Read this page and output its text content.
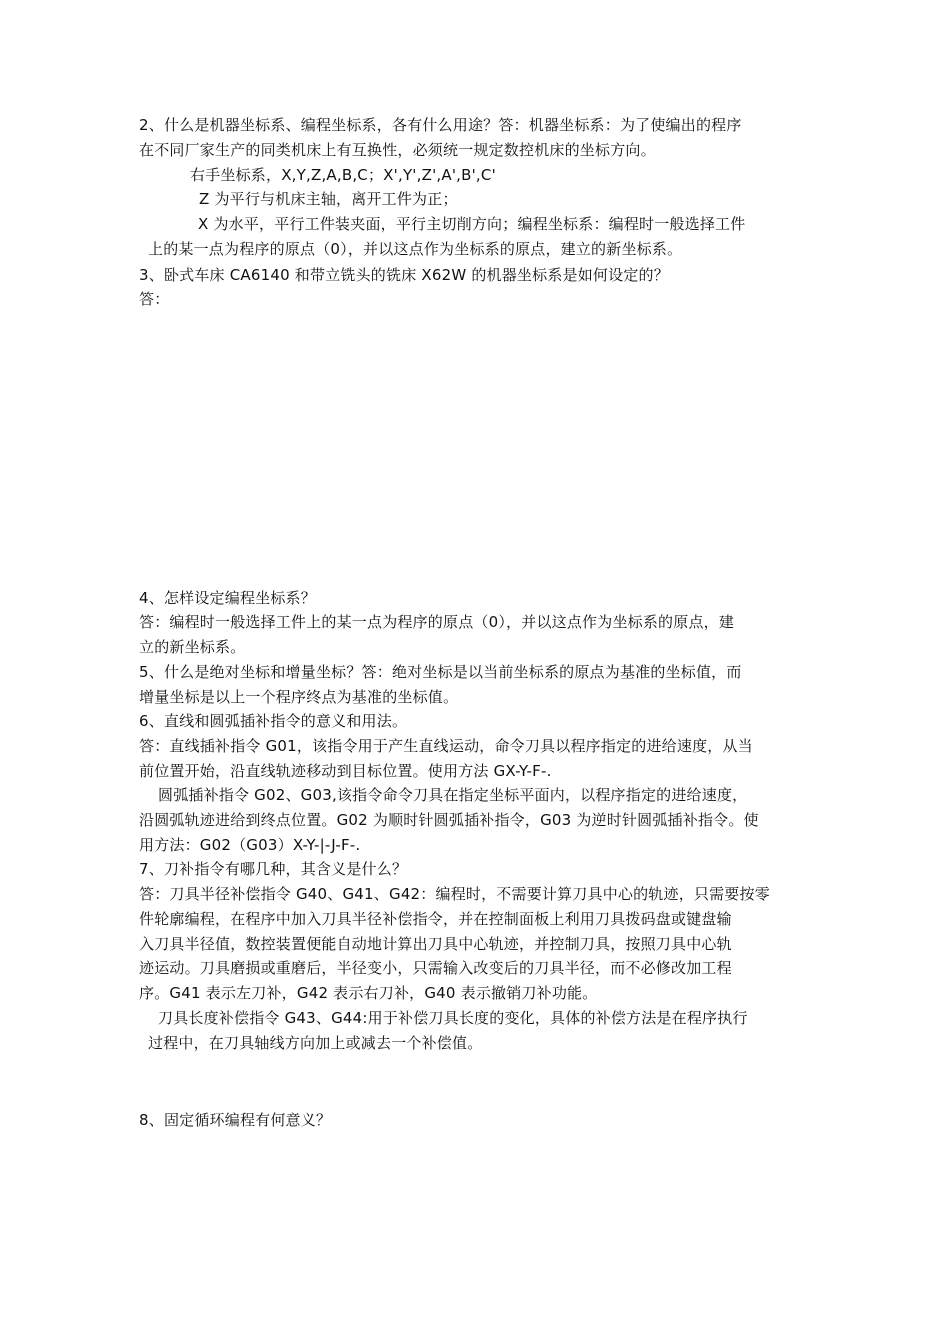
2、什么是机器坐标系、编程坐标系，各有什么用途？答：机器坐标系：为了使编出的程序
在不同厂家生产的同类机床上有互换性，必须统一规定数控机床的坐标方向。
右手坐标系，X,Y,Z,A,B,C；X',Y',Z',A',B',C'
Z 为平行与机床主轴，离开工件为正；
X 为水平，平行工件装夹面，平行主切削方向；编程坐标系：编程时一般选择工件
上的某一点为程序的原点（0），并以这点作为坐标系的原点，建立的新坐标系。
3、卧式车床 CA6140 和带立铣头的铣床 X62W 的机器坐标系是如何设定的？
答：
4、怎样设定编程坐标系？
答：编程时一般选择工件上的某一点为程序的原点（0），并以这点作为坐标系的原点，建
立的新坐标系。
5、什么是绝对坐标和增量坐标？答：绝对坐标是以当前坐标系的原点为基准的坐标值，而
增量坐标是以上一个程序终点为基准的坐标值。
6、直线和圆弧插补指令的意义和用法。
答：直线插补指令 G01，该指令用于产生直线运动，命令刀具以程序指定的进给速度，从当
前位置开始，沿直线轨迹移动到目标位置。使用方法 GX-Y-F-.
圆弧插补指令 G02、G03,该指令命令刀具在指定坐标平面内，以程序指定的进给速度，
沿圆弧轨迹进给到终点位置。G02 为顺时针圆弧插补指令，G03 为逆时针圆弧插补指令。使
用方法：G02（G03）X-Y-|-J-F-.
7、刀补指令有哪几种，其含义是什么？
答：刀具半径补偿指令 G40、G41、G42：编程时，不需要计算刀具中心的轨迹，只需要按零
件轮廓编程，在程序中加入刀具半径补偿指令，并在控制面板上利用刀具拨码盘或键盘输
入刀具半径值，数控装置便能自动地计算出刀具中心轨迹，并控制刀具，按照刀具中心轨
迹运动。刀具磨损或重磨后，半径变小，只需输入改变后的刀具半径，而不必修改加工程
序。G41 表示左刀补，G42 表示右刀补，G40 表示撤销刀补功能。
刀具长度补偿指令 G43、G44:用于补偿刀具长度的变化，具体的补偿方法是在程序执行
过程中，在刀具轴线方向加上或减去一个补偿值。
8、固定循环编程有何意义？
